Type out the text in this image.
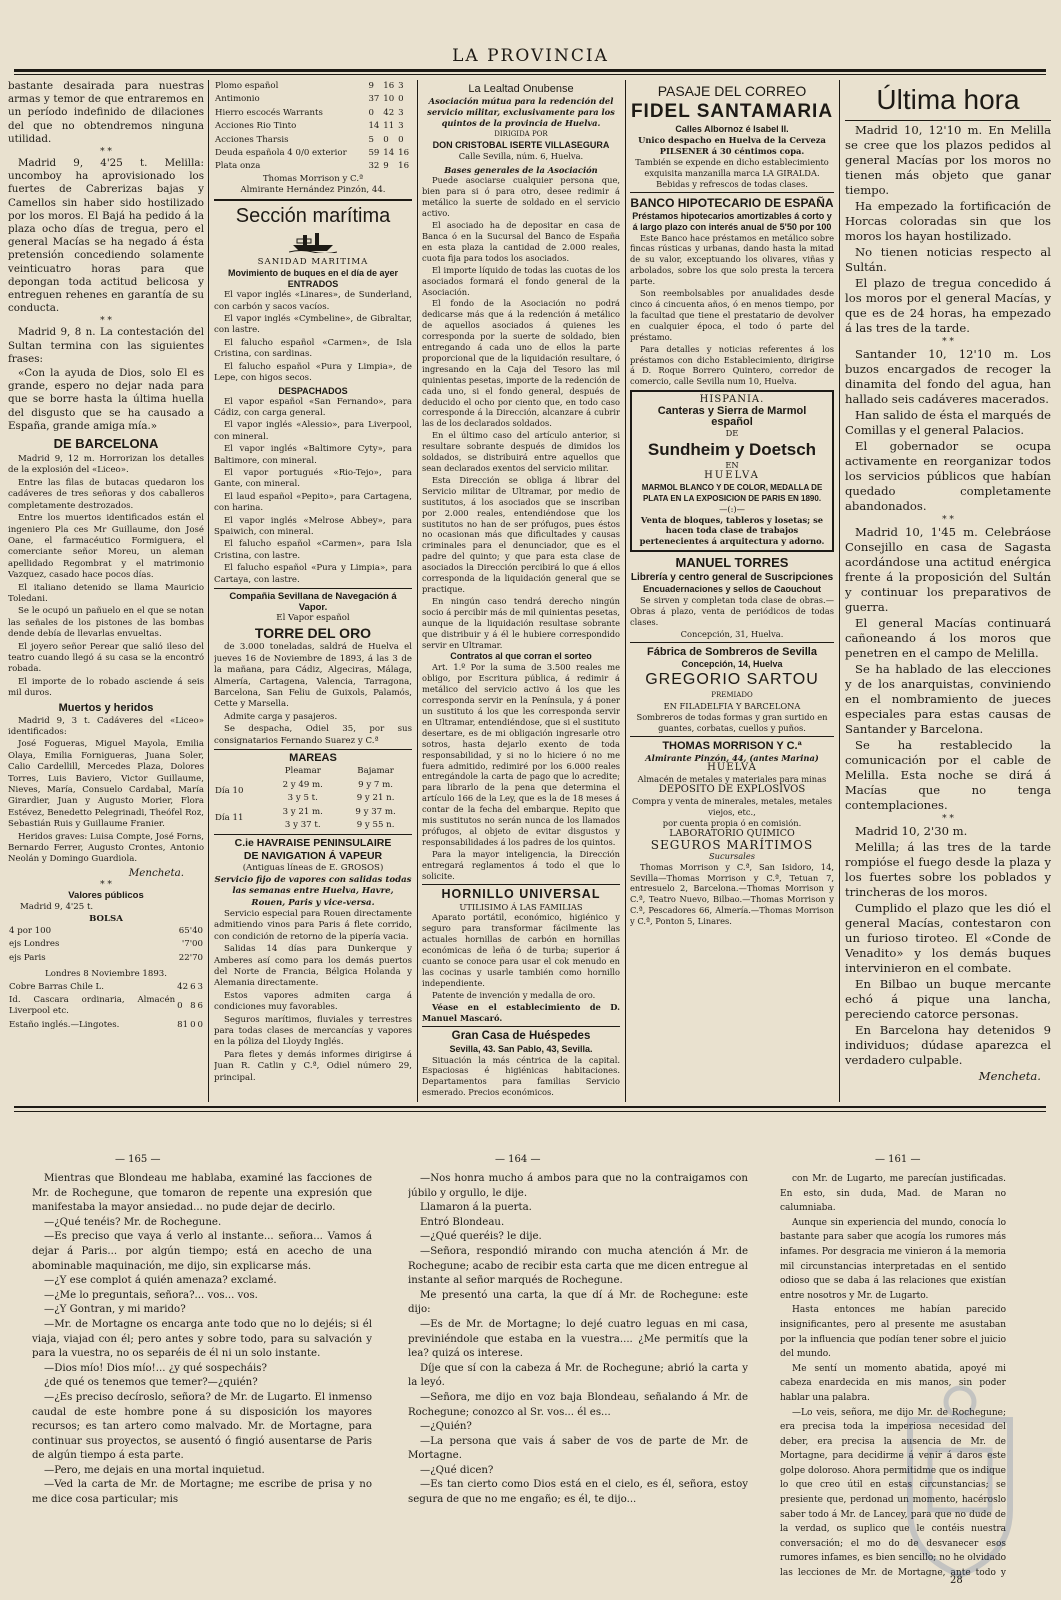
LA PROVINCIA

bastante desairada para nuestras armas y temor de que entraremos en un período indefinido de dilaciones del que no obtendremos ninguna utilidad.

* *

Madrid 9, 4'25 t. Melilla: uncomboy ha aprovisionado los fuertes de Cabrerizas bajas y Camellos sin haber sido hostilizado por los moros. El Bajá ha pedido á la plaza ocho días de tregua, pero el general Macías se ha negado á ésta pretensión concediendo solamente veinticuatro horas para que depongan toda actitud belicosa y entreguen rehenes en garantía de su conducta.

* *

Madrid 9, 8 n. La contestación del Sultan termina con las siguientes frases:

«Con la ayuda de Dios, solo El es grande, espero no dejar nada para que se borre hasta la última huella del disgusto que se ha causado a España, grande amiga mía.»

DE BARCELONA

Madrid 9, 12 m. Horrorizan los detalles de la explosión del «Liceo».

Entre las filas de butacas quedaron los cadáveres de tres señoras y dos caballeros completamente destrozados.

Entre los muertos identificados están el ingeniero Pla ces Mr Guillaume, don José Oane, el farmacéutico Formiguera, el comerciante señor Moreu, un aleman apellidado Regombrat y el matrimonio Vazquez, casado hace pocos días.

El italiano detenido se llama Mauricio Toledani.

Se le ocupó un pañuelo en el que se notan las señales de los pistones de las bombas dende debía de llevarlas envueltas.

El joyero señor Perear que salió ileso del teatro cuando llegó á su casa se la encontró robada.

El importe de lo robado asciende á seis mil duros.

Muertos y heridos

Madrid 9, 3 t. Cadáveres del «Liceo» identificados:

José Fogueras, Miguel Mayola, Emilia Olaya, Emilia Fornigueras, Juana Soler, Calio Cardellill, Mercedes Plaza, Dolores Torres, Luis Baviero, Victor Guillaume, Nieves, María, Consuelo Cardabal, María Girardier, Juan y Augusto Morier, Flora Estévez, Benedetto Pelegrinadi, Theófel Roz, Sebastián Ruis y Guillaume Franier.

Heridos graves: Luisa Compte, José Forns, Bernardo Ferrer, Augusto Crontes, Antonio Neolán y Domingo Guardiola.

Mencheta.
* *
Valores públicos
Madrid 9, 4'25 t.
BOLSA
4 por 100	65'40
ejs Londres	'7'00
ejs Paris	22'70
Londres 8 Noviembre 1893.
Cobre Barras Chile L.	42	6	3
Id. Cascara ordinaria, Almacén Liverpool etc.	0	8	6
Estaño inglés.—Lingotes.	81	0	0
Plomo español	9	16	3
Antimonio	37	10	0
Hierro escocés Warrants	0	42	3
Acciones Rio Tinto	14	11	3
Acciones Tharsis	5	0	0
Deuda española 4 0/0 exterior	59	14	16
Plata onza	32	9	16
Thomas Morrison y C.ª
Almirante Hernández Pinzón, 44.
Sección marítima
SANIDAD MARITIMA
Movimiento de buques en el día de ayer
ENTRADOS

El vapor inglés «Linares», de Sunderland, con carbón y sacos vacíos.

El vapor inglés «Cymbeline», de Gibraltar, con lastre.

El falucho español «Carmen», de Isla Cristina, con sardinas.

El falucho español «Pura y Limpia», de Lepe, con higos secos.

DESPACHADOS

El vapor español «San Fernando», para Cádiz, con carga general.

El vapor inglés «Alessio», para Liverpool, con mineral.

El vapor inglés «Baltimore Cyty», para Baltimore, con mineral.

El vapor portugués «Rio-Tejo», para Gante, con mineral.

El laud español «Pepito», para Cartagena, con harina.

El vapor inglés «Melrose Abbey», para Spaiwich, con mineral.

El falucho español «Carmen», para Isla Cristina, con lastre.

El falucho español «Pura y Limpia», para Cartaya, con lastre.

Compañia Sevillana de Navegación á Vapor.
El Vapor español
TORRE DEL ORO

de 3.000 toneladas, saldrá de Huelva el jueves 16 de Noviembre de 1893, á las 3 de la mañana, para Cádiz, Algeciras, Málaga, Almería, Cartagena, Valencia, Tarragona, Barcelona, San Feliu de Guixols, Palamós, Cette y Marsella.

Admite carga y pasajeros.

Se despacha, Odiel 35, por sus consignatarios Fernando Suarez y C.ª

MAREAS
	Pleamar	Bajamar
Día 10	2 y 49 m.	9 y 7 m.
	3 y 5 t.	9 y 21 n.
Día 11	3 y 21 m.	9 y 37 m.
	3 y 37 t.	9 y 55 n.
C.ie HAVRAISE PENINSULAIRE
DE NAVIGATION Á VAPEUR
(Antiguas líneas de E. GROSOS)
Servicio fijo de vapores con salidas todas las semanas entre Huelva, Havre, Rouen, Paris y vice-versa.

Servicio especial para Rouen directamente admitiendo vinos para Paris á flete corrido, con condición de retorno de la pipería vacia.

Salidas 14 días para Dunkerque y Amberes así como para los demás puertos del Norte de Francia, Bélgica Holanda y Alemania directamente.

Estos vapores admiten carga á condiciones muy favorables.

Seguros marítimos, fluviales y terrestres para todas clases de mercancías y vapores en la póliza del Lloydy Inglés.

Para fletes y demás informes dirigirse á Juan R. Catlin y C.ª, Odiel número 29, principal.

La Lealtad Onubense
Asociación mútua para la redención del servicio militar, exclusivamente para los quintos de la provincia de Huelva.
DIRIGIDA POR
DON CRISTOBAL ISERTE VILLASEGURA
Calle Sevilla, núm. 6, Huelva.
Bases generales de la Asociación

Puede asociarse cualquier persona que, bien para si ó para otro, desee redimir á metálico la suerte de soldado en el servicio activo.

El asociado ha de depositar en casa de Banca ó en la Sucursal del Banco de España en esta plaza la cantidad de 2.000 reales, cuota fija para todos los asociados.

El importe líquido de todas las cuotas de los asociados formará el fondo general de la Asociación.

El fondo de la Asociación no podrá dedicarse más que á la redención á metálico de aquellos asociados á quienes les corresponda por la suerte de soldado, bien entregando á cada uno de ellos la parte proporcional que de la liquidación resultare, ó ingresando en la Caja del Tesoro las mil quinientas pesetas, importe de la redención de cada uno, si el fondo general, después de deducido el ocho por ciento que, en todo caso corresponde á la Dirección, alcanzare á cubrir las de los declarados soldados.

En el último caso del artículo anterior, si resultare sobrante después de dimidos los soldados, se distribuirá entre aquellos que sean declarados exentos del servicio militar.

Esta Dirección se obliga á librar del Servicio militar de Ultramar, por medio de sustitutos, á los asociados que se inscriban por 2.000 reales, entendiéndose que los sustitutos no han de ser prófugos, pues éstos no ocasionan más que dificultades y causas criminales para el denunciador, que es el padre del quinto; y que para esta clase de asociados la Dirección percibirá lo que á ellos corresponda de la liquidación general que se practique.

En ningún caso tendrá derecho ningún socio á percibir más de mil quinientas pesetas, aunque de la liquidación resultase sobrante que distribuir y á él le hubiere correspondido servir en Ultramar.

Contratos al que corran el sorteo

Art. 1.º Por la suma de 3.500 reales me obligo, por Escritura pública, á redimir á metálico del servicio activo á los que les corresponda servir en la Península, y á poner un sustituto á los que les corresponda servir en Ultramar, entendiéndose, que si el sustituto desertare, es de mi obligación ingresarle otro sotros, hasta dejarlo exento de toda responsabilidad, y si no lo hiciere ó no me fuera admitido, redimiré por los 6.000 reales entregándole la carta de pago que lo acredite; para librarlo de la pena que determina el artículo 166 de la Ley, que es la de 18 meses á contar de la fecha del embarque. Repito que mis sustitutos no serán nunca de los llamados prófugos, al objeto de evitar disgustos y responsabilidades á los padres de los quintos.

Para la mayor inteligencia, la Dirección entregará reglamentos á todo el que lo solicite.

HORNILLO UNIVERSAL
UTILISIMO Á LAS FAMILIAS

Aparato portátil, económico, higiénico y seguro para transformar fácilmente las actuales hornillas de carbón en hornillas económicas de leña ó de turba; superior á cuanto se conoce para usar el cok menudo en las cocinas y usarle también como hornillo independiente.

Patente de invención y medalla de oro.

Véase en el establecimiento de D. Manuel Mascaró.

Gran Casa de Huéspedes
Sevilla, 43. San Pablo, 43, Sevilla.

Situación la más céntrica de la capital. Espaciosas é higiénicas habitaciones. Departamentos para familias Servicio esmerado. Precios económicos.

PASAJE DEL CORREO
FIDEL SANTAMARIA
Calles Albornoz é Isabel II.
Unico despacho en Huelva de la Cerveza PILSENER á 30 céntimos copa.
También se expende en dicho establecimiento exquisita manzanilla marca LA GIRALDA. Bebidas y refrescos de todas clases.
BANCO HIPOTECARIO DE ESPAÑA
Préstamos hipotecarios amortizables á corto y á largo plazo con interés anual de 5'50 por 100

Este Banco hace préstamos en metálico sobre fincas rústicas y urbanas, dando hasta la mitad de su valor, exceptuando los olivares, viñas y arbolados, sobre los que solo presta la tercera parte.

Son reembolsables por anualidades desde cinco á cincuenta años, ó en menos tiempo, por la facultad que tiene el prestatario de devolver en cualquier época, el todo ó parte del préstamo.

Para detalles y noticias referentes á los préstamos con dicho Establecimiento, dirigirse á D. Roque Borrero Quintero, corredor de comercio, calle Sevilla num 10, Huelva.

HISPANIA.
Canteras y Sierra de Marmol español
DE
Sundheim y Doetsch
EN
HUELVA
MARMOL BLANCO Y DE COLOR, MEDALLA DE PLATA EN LA EXPOSICION DE PARIS EN 1890.
—(:)—
Venta de bloques, tableros y losetas; se hacen toda clase de trabajos pertenecientes á arquitectura y adorno.
MANUEL TORRES
Librería y centro general de Suscripciones
Encuadernaciones y sellos de Caouchout

Se sirven y completan toda clase de obras.—Obras á plazo, venta de periódicos de todas clases.

Concepción, 31, Huelva.
Fábrica de Sombreros de Sevilla
Concepción, 14, Huelva
GREGORIO SARTOU
PREMIADO
EN FILADELFIA Y BARCELONA
Sombreros de todas formas y gran surtido en guantes, corbatas, cuellos y puños.
THOMAS MORRISON Y C.ª
Almirante Pinzón, 44, (antes Marina)
HUELVA
Almacén de metales y materiales para minas
DEPOSITO DE EXPLOSIVOS
Compra y venta de minerales, metales, metales viejos, etc.,
por cuenta propia ó en comisión.
LABORATORIO QUIMICO
SEGUROS MARÍTIMOS
Sucursales

Thomas Morrison y C.ª, San Isidoro, 14, Sevilla—Thomas Morrison y C.ª, Tetuan 7, entresuelo 2, Barcelona.—Thomas Morrison y C.ª, Teatro Nuevo, Bilbao.—Thomas Morrison y C.ª, Pescadores 66, Almería.—Thomas Morrison y C.ª, Ponton 5, Linares.

Última hora

Madrid 10, 12'10 m. En Melilla se cree que los plazos pedidos al general Macías por los moros no tienen más objeto que ganar tiempo.

Ha empezado la fortificación de Horcas coloradas sin que los moros los hayan hostilizado.

No tienen noticias respecto al Sultán.

El plazo de tregua concedido á los moros por el general Macías, y que es de 24 horas, ha empezado á las tres de la tarde.

* *

Santander 10, 12'10 m. Los buzos encargados de recoger la dinamita del fondo del agua, han hallado seis cadáveres macerados.

Han salido de ésta el marqués de Comillas y el general Palacios.

El gobernador se ocupa activamente en reorganizar todos los servicios públicos que habían quedado completamente abandonados.

* *

Madrid 10, 1'45 m. Celebráose Consejillo en casa de Sagasta acordándose una actitud enérgica frente á la proposición del Sultán y continuar los preparativos de guerra.

El general Macías continuará cañoneando á los moros que penetren en el campo de Melilla.

Se ha hablado de las elecciones y de los anarquistas, conviniendo en el nombramiento de jueces especiales para estas causas de Santander y Barcelona.

Se ha restablecido la comunicación por el cable de Melilla. Esta noche se dirá á Macías que no tenga contemplaciones.

* *

Madrid 10, 2'30 m.

Melilla; á las tres de la tarde rompióse el fuego desde la plaza y los fuertes sobre los poblados y trincheras de los moros.

Cumplido el plazo que les dió el general Macías, contestaron con un furioso tiroteo. El «Conde de Venadito» y los demás buques intervinieron en el combate.

En Bilbao un buque mercante echó á pique una lancha, pereciendo catorce personas.

En Barcelona hay detenidos 9 individuos; dúdase aparezca el verdadero culpable.

Mencheta.
— 165 —	— 164 —	— 161 —

Mientras que Blondeau me hablaba, examiné las facciones de Mr. de Rochegune, que tomaron de repente una expresión que manifestaba la mayor ansiedad... no pude dejar de decirlo.

—¿Qué tenéis? Mr. de Rochegune.

—Es preciso que vaya á verlo al instante... señora... Vamos á dejar á Paris... por algún tiempo; está en acecho de una abominable maquinación, me dijo, sin explicarse más.

—¿Y ese complot á quién amenaza? exclamé.

—¿Me lo preguntais, señora?... vos... vos.

—¿Y Gontran, y mi marido?

—Mr. de Mortagne os encarga ante todo que no lo dejéis; si él viaja, viajad con él; pero antes y sobre todo, para su salvación y para la vuestra, no os separéis de él ni un solo instante.

—Dios mío! Dios mío!... ¿y qué sospecháis?

¿de qué os tenemos que temer?—¿quién?

—¿Es preciso decíroslo, señora? de Mr. de Lugarto. El inmenso caudal de este hombre pone á su disposición los mayores recursos; es tan artero como malvado. Mr. de Mortagne, para continuar sus proyectos, se ausentó ó fingió ausentarse de Paris de algún tiempo á esta parte.

—Pero, me dejais en una mortal inquietud.

—Ved la carta de Mr. de Mortagne; me escribe de prisa y no me dice cosa particular; mis

—Nos honra mucho á ambos para que no la contraigamos con júbilo y orgullo, le dije.

Llamaron á la puerta.

Entró Blondeau.

—¿Qué queréis? le dije.

—Señora, respondió mirando con mucha atención á Mr. de Rochegune; acabo de recibir esta carta que me dicen entregue al instante al señor marqués de Rochegune.

Me presentó una carta, la que dí á Mr. de Rochegune: este dijo:

—Es de Mr. de Mortagne; lo dejé cuatro leguas en mi casa, previniéndole que estaba en la vuestra.... ¿Me permitís que la lea? quizá os interese.

Díje que sí con la cabeza á Mr. de Rochegune; abrió la carta y la leyó.

—Señora, me dijo en voz baja Blondeau, señalando á Mr. de Rochegune; conozco al Sr. vos... él es...

—¿Quién?

—La persona que vais á saber de vos de parte de Mr. de Mortagne.

—¿Qué dicen?

—Es tan cierto como Dios está en el cielo, es él, señora, estoy segura de que no me engaño; es él, te dijo...

con Mr. de Lugarto, me parecían justificadas. En esto, sin duda, Mad. de Maran no calumniaba.

Aunque sin experiencia del mundo, conocía lo bastante para saber que acogía los rumores más infames. Por desgracia me vinieron á la memoria mil circunstancias interpretadas en el sentido odioso que se daba á las relaciones que existían entre nosotros y Mr. de Lugarto.

Hasta entonces me habían parecido insignificantes, pero al presente me asustaban por la influencia que podían tener sobre el juicio del mundo.

Me sentí un momento abatida, apoyé mi cabeza enardecida en mis manos, sin poder hablar una palabra.

—Lo veis, señora, me dijo Mr. de Rochegune; era precisa toda la imperiosa necesidad del deber, era precisa la ausencia de Mr. de Mortagne, para decidirme á venir á daros este golpe doloroso. Ahora permitidme que os indique lo que creo útil en estas circunstancias; se presiente que, perdonad un momento, hacéroslo saber todo á Mr. de Lancey, para que no dude de la verdad, os suplico que le contéis nuestra conversación; el mo do de desvanecer esos rumores infames, es bien sencillo; no he olvidado las lecciones de Mr. de Mortagne, ante todo y

28
